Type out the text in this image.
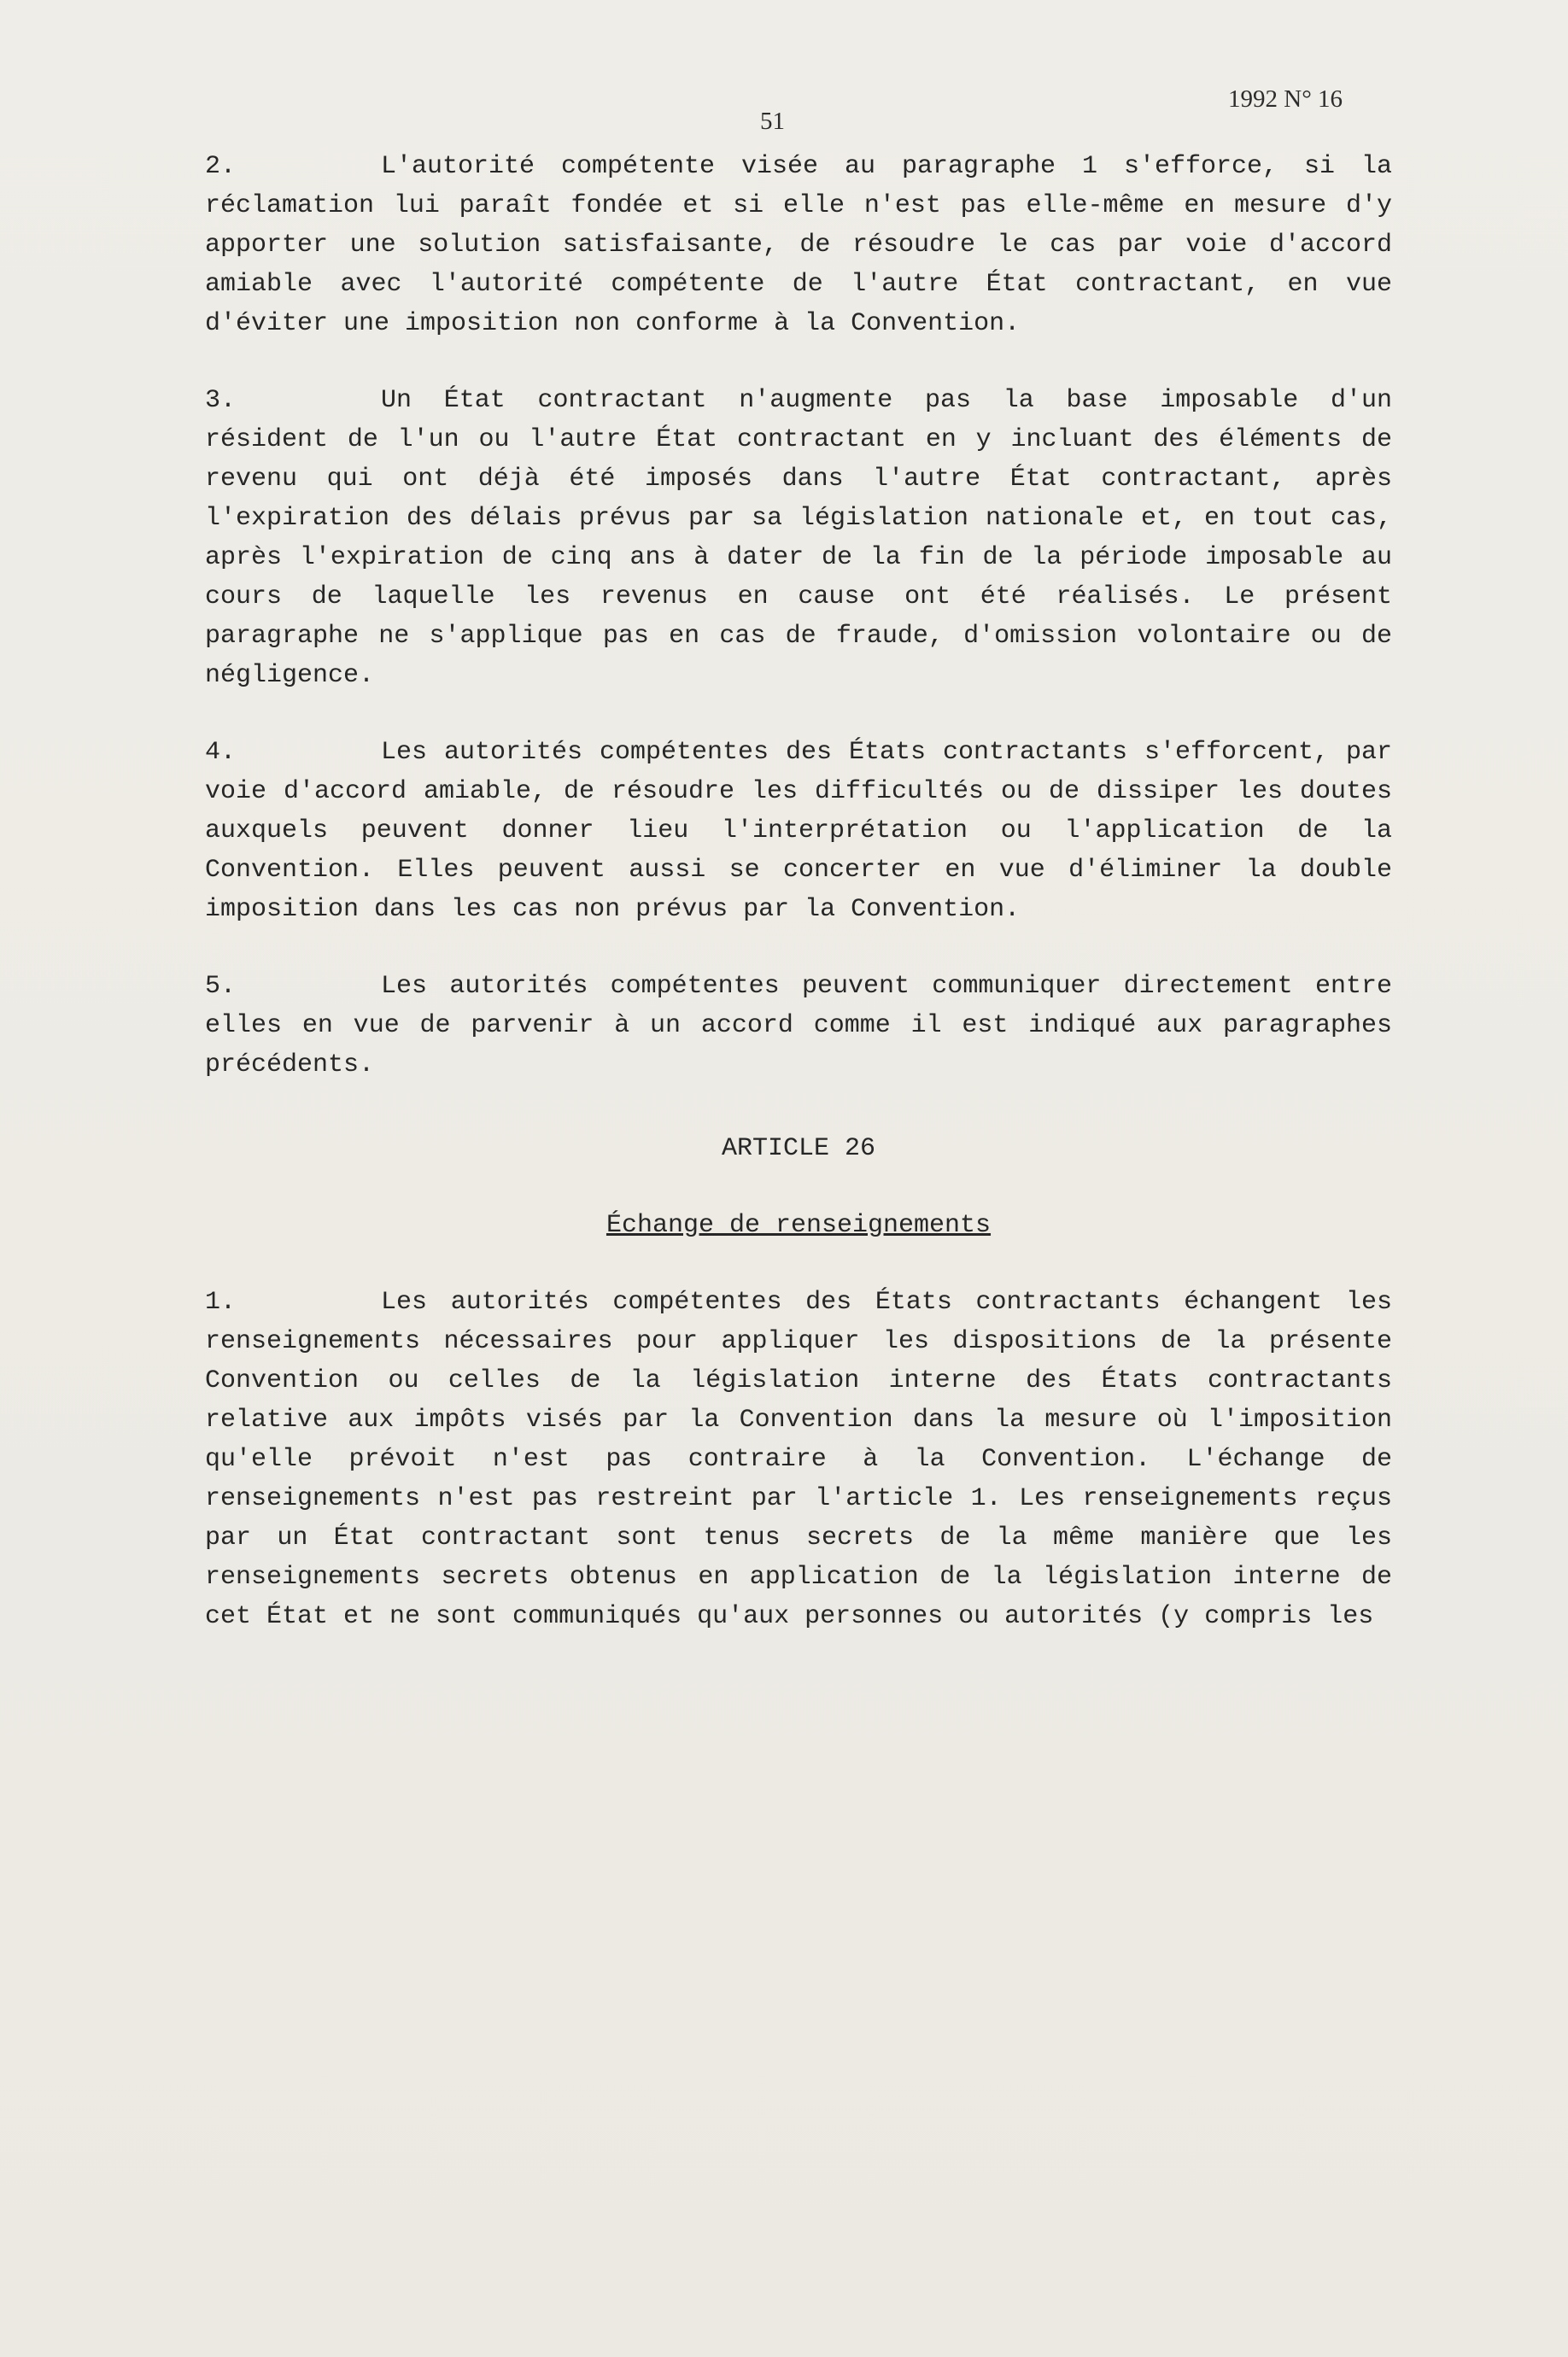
51
1992 N° 16

2.	L'autorité compétente visée au paragraphe 1 s'efforce, si la réclamation lui paraît fondée et si elle n'est pas elle-même en mesure d'y apporter une solution satisfaisante, de résoudre le cas par voie d'accord amiable avec l'autorité compétente de l'autre État contractant, en vue d'éviter une imposition non conforme à la Convention.

3.	Un État contractant n'augmente pas la base imposable d'un résident de l'un ou l'autre État contractant en y incluant des éléments de revenu qui ont déjà été imposés dans l'autre État contractant, après l'expiration des délais prévus par sa législation nationale et, en tout cas, après l'expiration de cinq ans à dater de la fin de la période imposable au cours de laquelle les revenus en cause ont été réalisés. Le présent paragraphe ne s'applique pas en cas de fraude, d'omission volontaire ou de négligence.

4.	Les autorités compétentes des États contractants s'efforcent, par voie d'accord amiable, de résoudre les difficultés ou de dissiper les doutes auxquels peuvent donner lieu l'interprétation ou l'application de la Convention. Elles peuvent aussi se concerter en vue d'éliminer la double imposition dans les cas non prévus par la Convention.

5.	Les autorités compétentes peuvent communiquer directement entre elles en vue de parvenir à un accord comme il est indiqué aux paragraphes précédents.

ARTICLE 26
Échange de renseignements

1.	Les autorités compétentes des États contractants échangent les renseignements nécessaires pour appliquer les dispositions de la présente Convention ou celles de la législation interne des États contractants relative aux impôts visés par la Convention dans la mesure où l'imposition qu'elle prévoit n'est pas contraire à la Convention. L'échange de renseignements n'est pas restreint par l'article 1. Les renseignements reçus par un État contractant sont tenus secrets de la même manière que les renseignements secrets obtenus en application de la législation interne de cet État et ne sont communiqués qu'aux personnes ou autorités (y compris les
